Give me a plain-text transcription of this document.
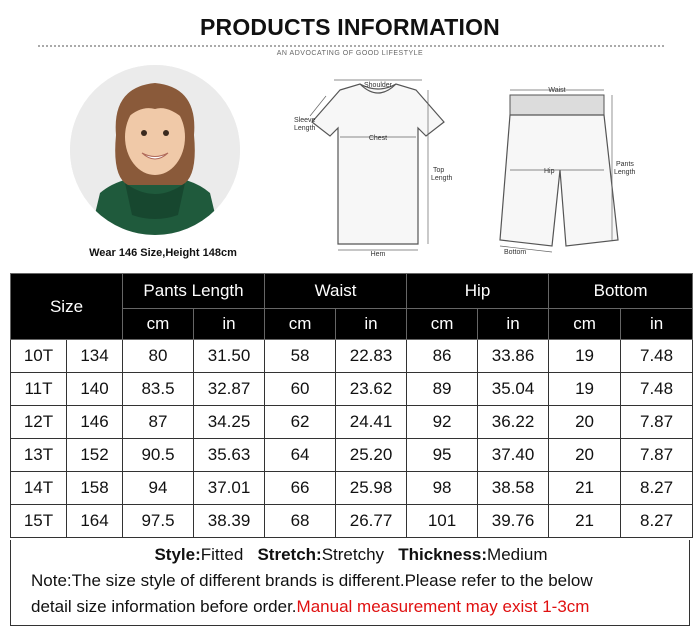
PRODUCTS INFORMATION
AN ADVOCATING OF GOOD LIFESTYLE
Wear 146 Size,Height 148cm
Shoulder
Sleeve
Length
Chest
Top
Length
Hem
Waist
Hip
Pants
Length
Bottom
Size		Pants Length		Waist		Hip		Bottom	
		cm	in	cm	in	cm	in	cm	in
10T	134	80	31.50	58	22.83	86	33.86	19	7.48
11T	140	83.5	32.87	60	23.62	89	35.04	19	7.48
12T	146	87	34.25	62	24.41	92	36.22	20	7.87
13T	152	90.5	35.63	64	25.20	95	37.40	20	7.87
14T	158	94	37.01	66	25.98	98	38.58	21	8.27
15T	164	97.5	38.39	68	26.77	101	39.76	21	8.27
Style:Fitted Stretch:Stretchy Thickness:Medium
Note:The size style of different brands is different.Please refer to the below
detail size information before order.Manual measurement may exist 1-3cm
